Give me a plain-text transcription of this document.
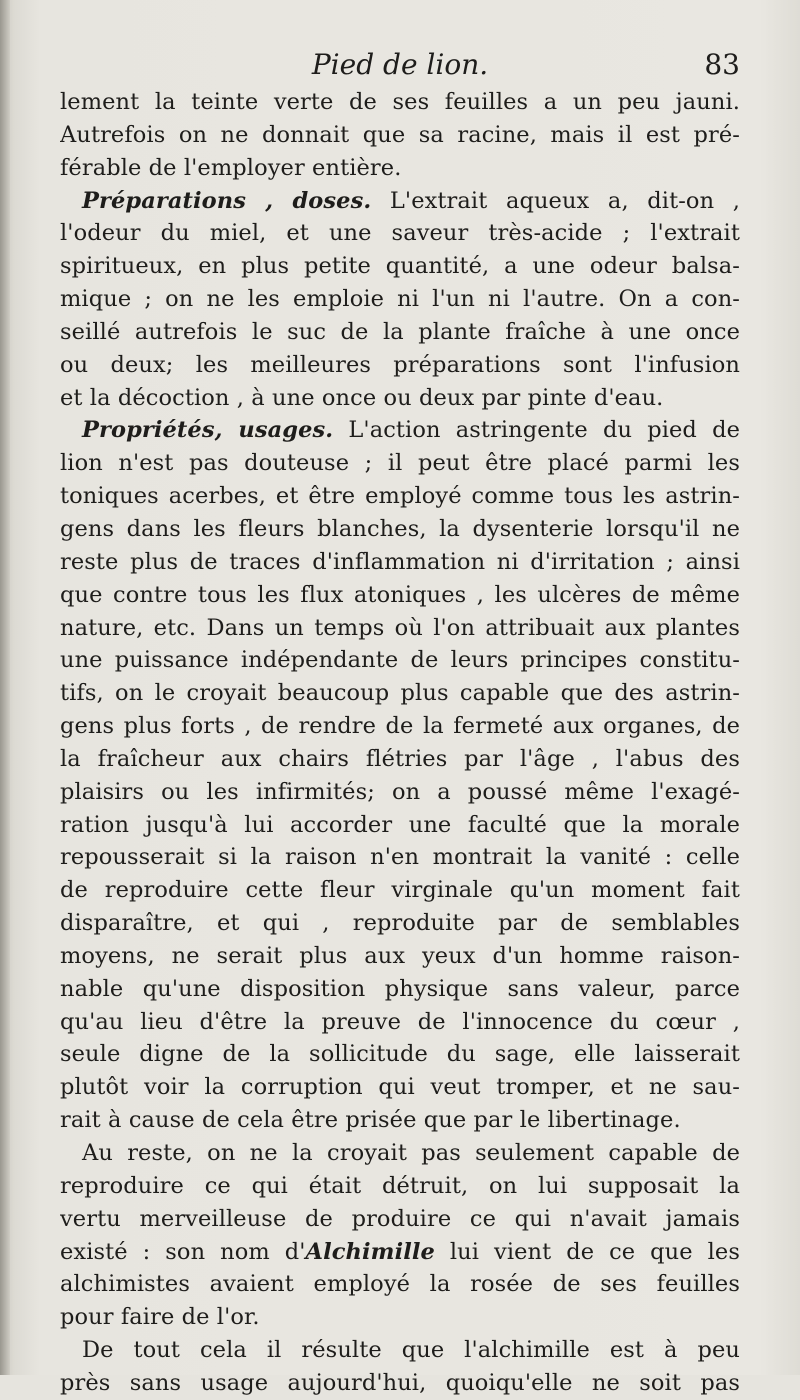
Pied de lion.	83
lement la teinte verte de ses feuilles a un peu jauni.
Autrefois on ne donnait que sa racine, mais il est pré-
férable de l'employer entière.
Préparations , doses. L'extrait aqueux a, dit-on ,
l'odeur du miel, et une saveur très-acide ; l'extrait
spiritueux, en plus petite quantité, a une odeur balsa-
mique ; on ne les emploie ni l'un ni l'autre. On a con-
seillé autrefois le suc de la plante fraîche à une once
ou deux; les meilleures préparations sont l'infusion
et la décoction , à une once ou deux par pinte d'eau.
Propriétés, usages. L'action astringente du pied de
lion n'est pas douteuse ; il peut être placé parmi les
toniques acerbes, et être employé comme tous les astrin-
gens dans les fleurs blanches, la dysenterie lorsqu'il ne
reste plus de traces d'inflammation ni d'irritation ; ainsi
que contre tous les flux atoniques , les ulcères de même
nature, etc. Dans un temps où l'on attribuait aux plantes
une puissance indépendante de leurs principes constitu-
tifs, on le croyait beaucoup plus capable que des astrin-
gens plus forts , de rendre de la fermeté aux organes, de
la fraîcheur aux chairs flétries par l'âge , l'abus des
plaisirs ou les infirmités; on a poussé même l'exagé-
ration jusqu'à lui accorder une faculté que la morale
repousserait si la raison n'en montrait la vanité : celle
de reproduire cette fleur virginale qu'un moment fait
disparaître, et qui , reproduite par de semblables
moyens, ne serait plus aux yeux d'un homme raison-
nable qu'une disposition physique sans valeur, parce
qu'au lieu d'être la preuve de l'innocence du cœur ,
seule digne de la sollicitude du sage, elle laisserait
plutôt voir la corruption qui veut tromper, et ne sau-
rait à cause de cela être prisée que par le libertinage.
Au reste, on ne la croyait pas seulement capable de
reproduire ce qui était détruit, on lui supposait la
vertu merveilleuse de produire ce qui n'avait jamais
existé : son nom d'Alchimille lui vient de ce que les
alchimistes avaient employé la rosée de ses feuilles
pour faire de l'or.
De tout cela il résulte que l'alchimille est à peu
près sans usage aujourd'hui, quoiqu'elle ne soit pas
